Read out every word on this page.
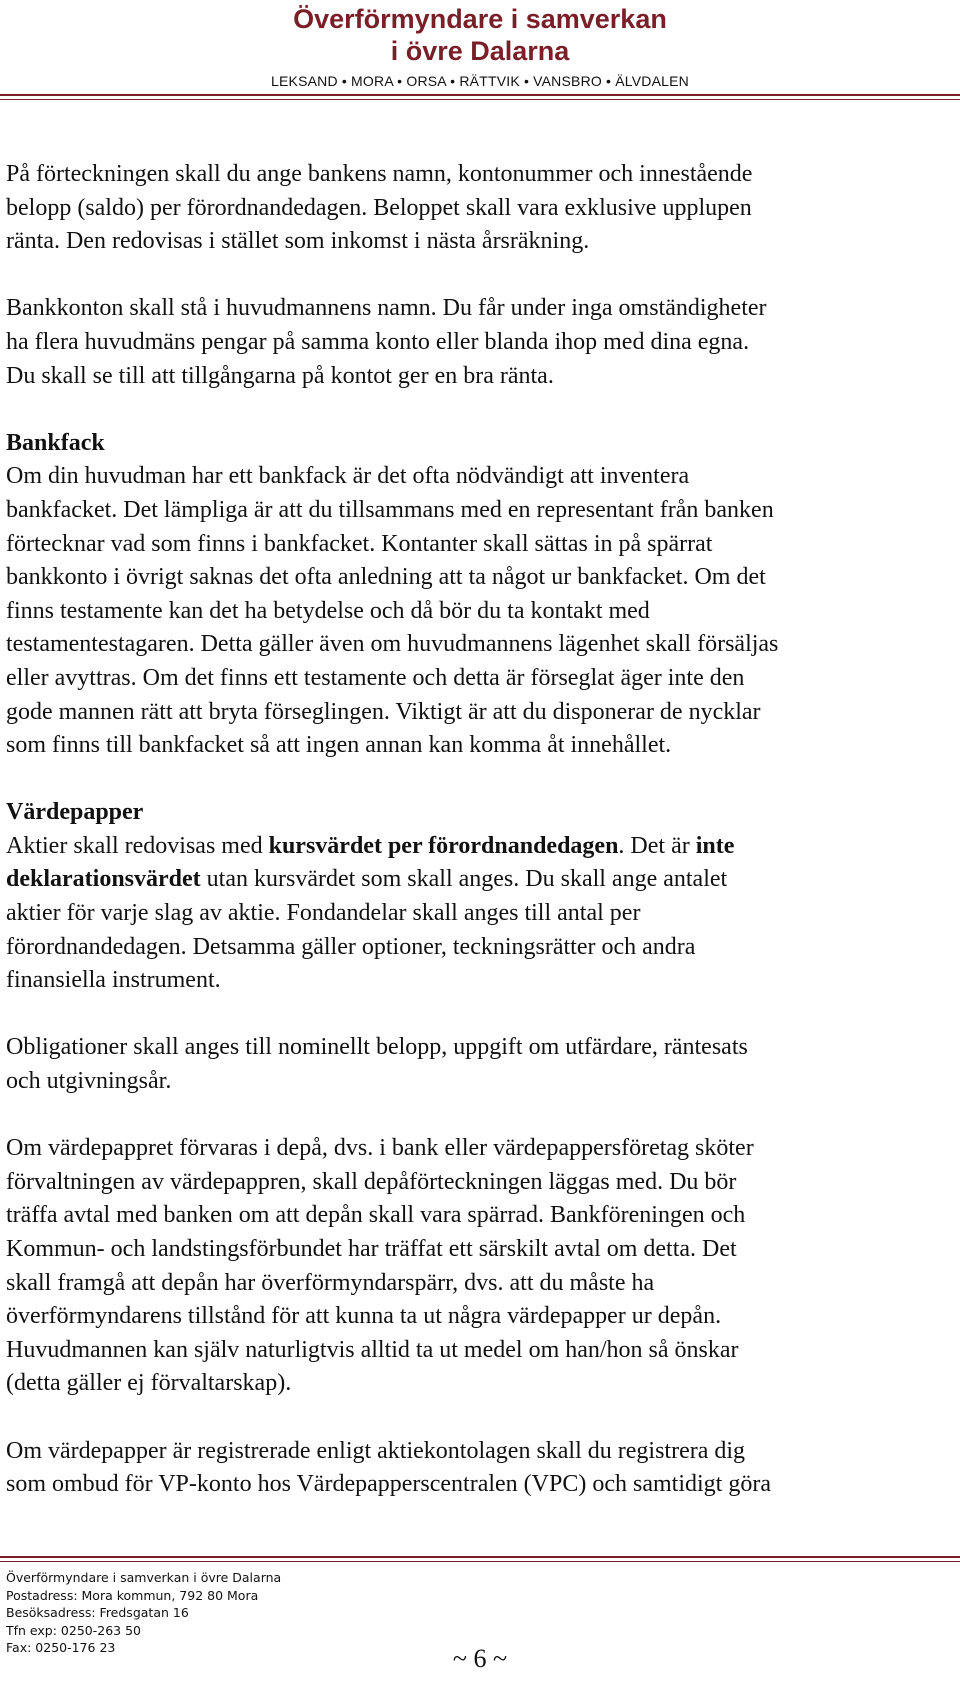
Överförmyndare i samverkan
i övre Dalarna
LEKSAND • MORA • ORSA • RÄTTVIK • VANSBRO • ÄLVDALEN
På förteckningen skall du ange bankens namn, kontonummer och innestående
belopp (saldo) per förordnandedagen. Beloppet skall vara exklusive upplupen
ränta. Den redovisas i stället som inkomst i nästa årsräkning.
Bankkonton skall stå i huvudmannens namn. Du får under inga omständigheter
ha flera huvudmäns pengar på samma konto eller blanda ihop med dina egna.
Du skall se till att tillgångarna på kontot ger en bra ränta.
Bankfack
Om din huvudman har ett bankfack är det ofta nödvändigt att inventera
bankfacket. Det lämpliga är att du tillsammans med en representant från banken
förtecknar vad som finns i bankfacket. Kontanter skall sättas in på spärrat
bankkonto i övrigt saknas det ofta anledning att ta något ur bankfacket. Om det
finns testamente kan det ha betydelse och då bör du ta kontakt med
testamentestagaren. Detta gäller även om huvudmannens lägenhet skall försäljas
eller avyttras. Om det finns ett testamente och detta är förseglat äger inte den
gode mannen rätt att bryta förseglingen. Viktigt är att du disponerar de nycklar
som finns till bankfacket så att ingen annan kan komma åt innehållet.
Värdepapper
Aktier skall redovisas med kursvärdet per förordnandedagen. Det är inte
deklarationsvärdet utan kursvärdet som skall anges. Du skall ange antalet
aktier för varje slag av aktie. Fondandelar skall anges till antal per
förordnandedagen. Detsamma gäller optioner, teckningsrätter och andra
finansiella instrument.
Obligationer skall anges till nominellt belopp, uppgift om utfärdare, räntesats
och utgivningsår.
Om värdepappret förvaras i depå, dvs. i bank eller värdepappersföretag sköter
förvaltningen av värdepappren, skall depåförteckningen läggas med. Du bör
träffa avtal med banken om att depån skall vara spärrad. Bankföreningen och
Kommun- och landstingsförbundet har träffat ett särskilt avtal om detta. Det
skall framgå att depån har överförmyndarspärr, dvs. att du måste ha
överförmyndarens tillstånd för att kunna ta ut några värdepapper ur depån.
Huvudmannen kan själv naturligtvis alltid ta ut medel om han/hon så önskar
(detta gäller ej förvaltarskap).
Om värdepapper är registrerade enligt aktiekontolagen skall du registrera dig
som ombud för VP-konto hos Värdepapperscentralen (VPC) och samtidigt göra
Överförmyndare i samverkan i övre Dalarna
Postadress: Mora kommun, 792 80 Mora
Besöksadress: Fredsgatan 16
Tfn exp: 0250-263 50
Fax: 0250-176 23	~ 6 ~
